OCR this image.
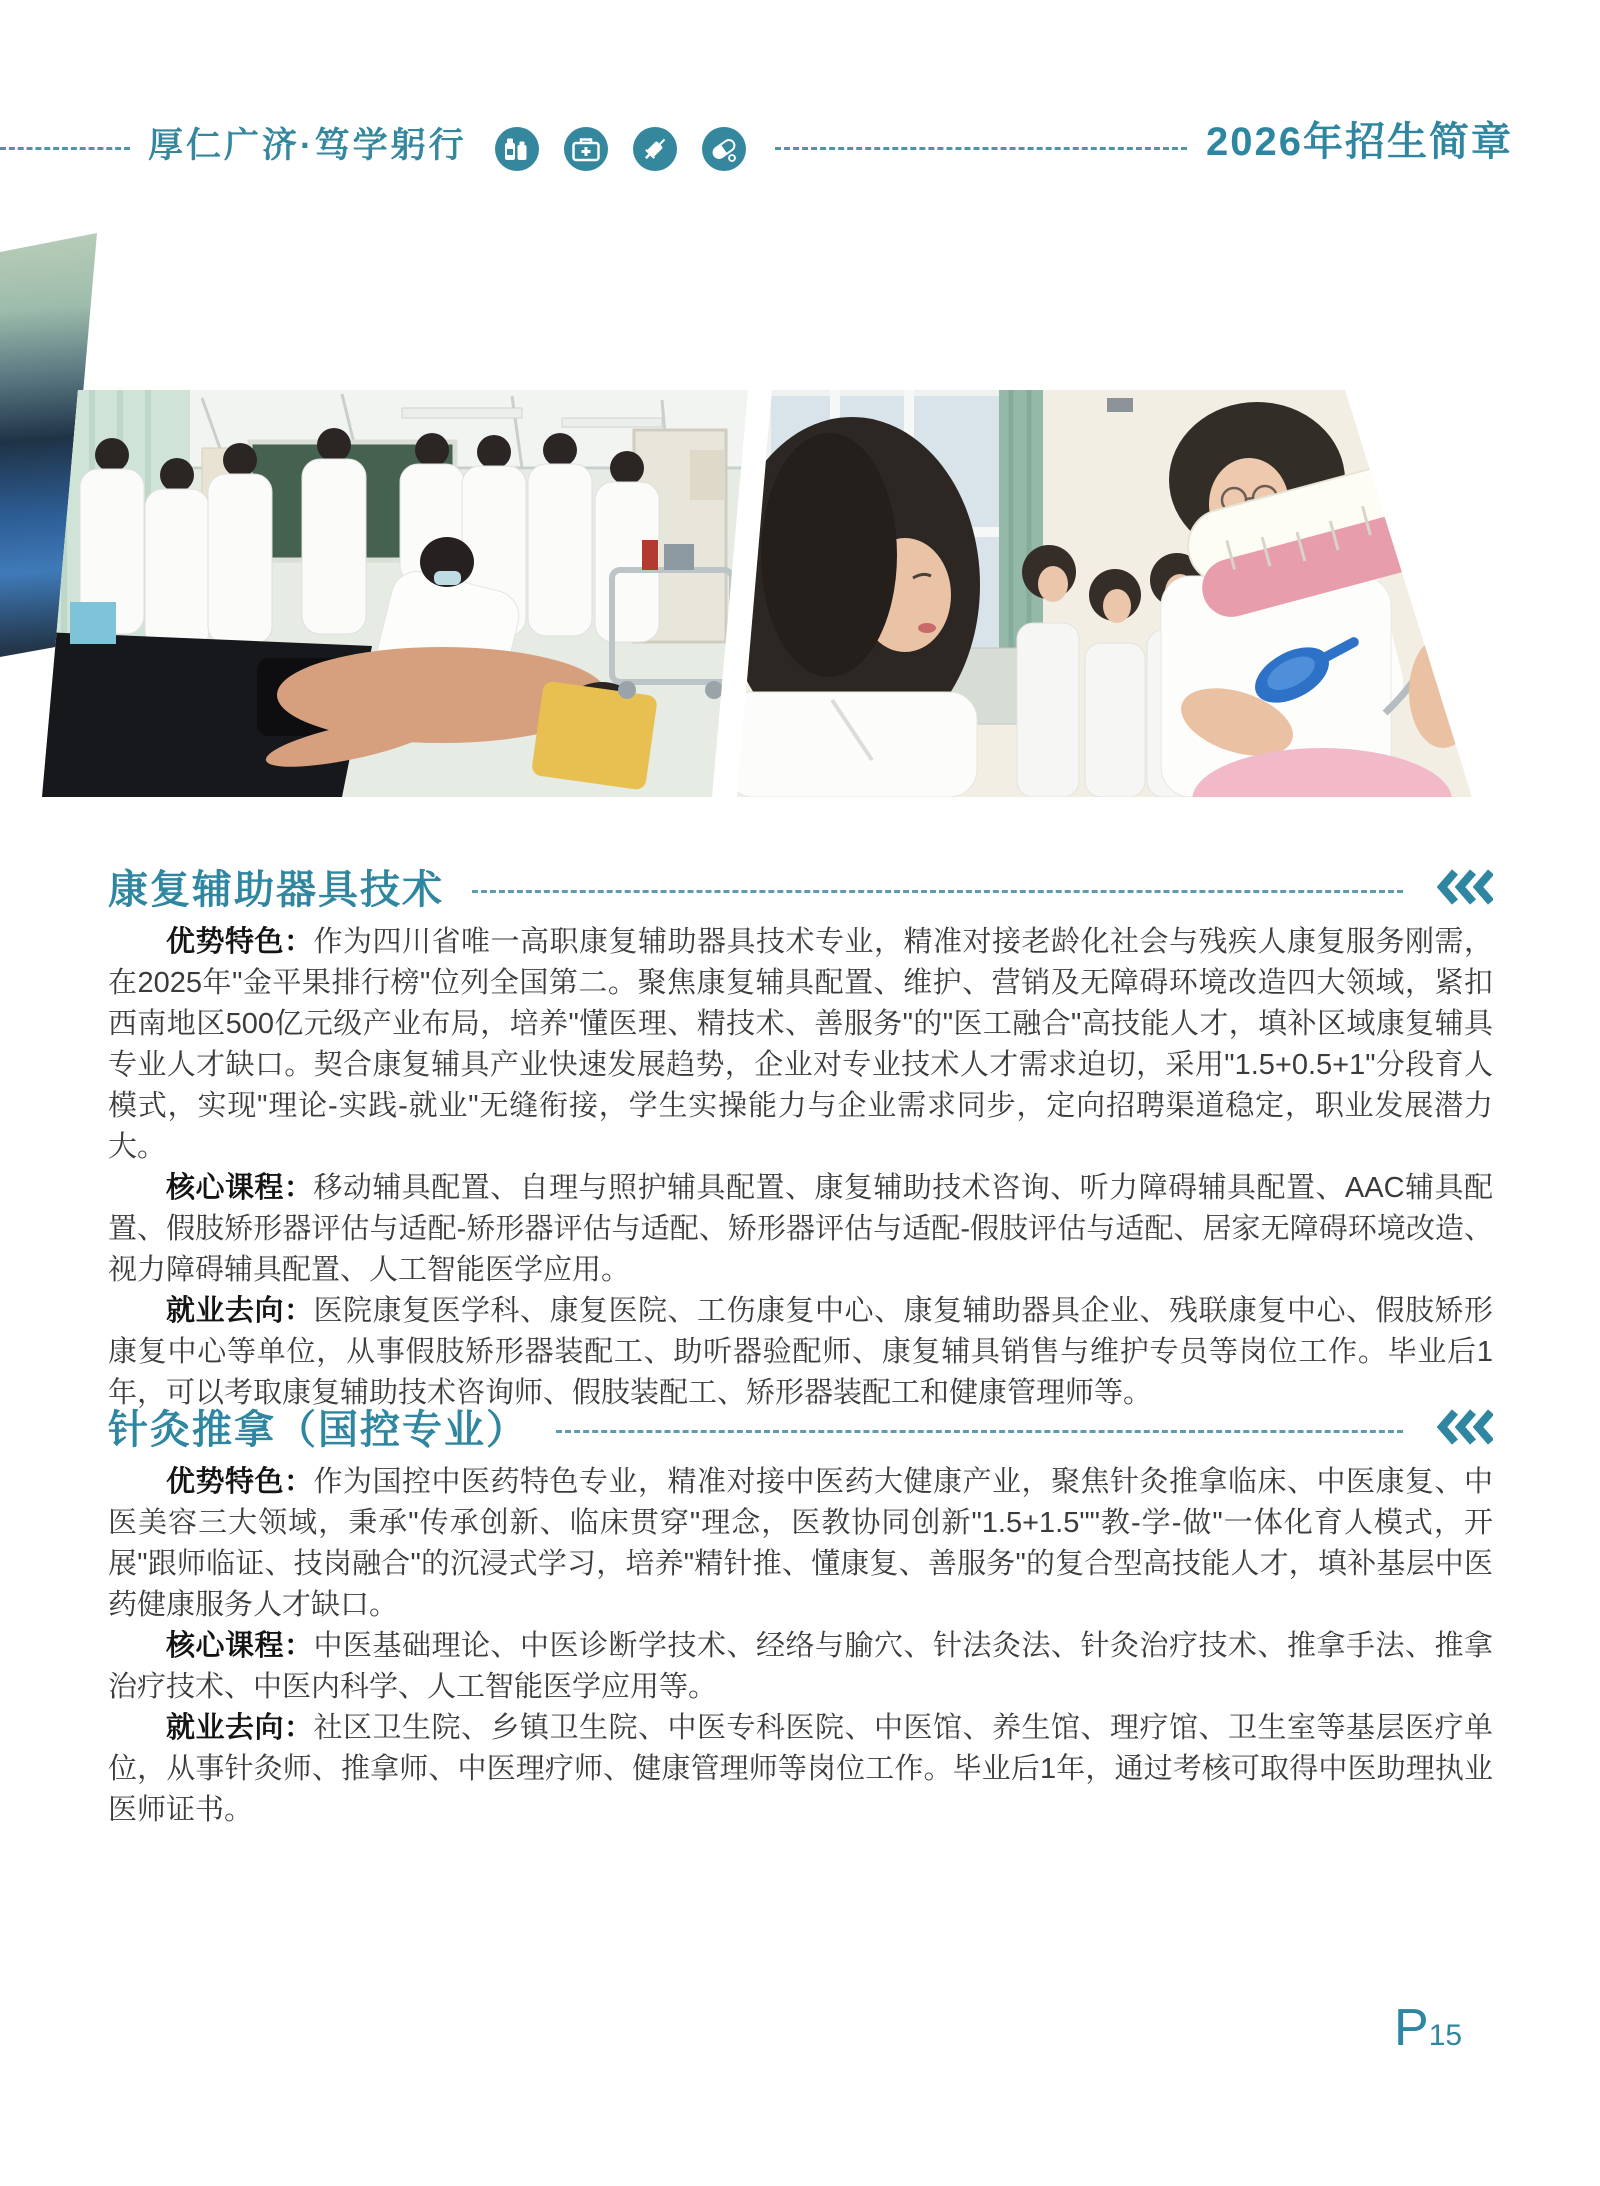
厚仁广济·笃学躬行	2026年招生简章
康复辅助器具技术

优势特色：作为四川省唯一高职康复辅助器具技术专业，精准对接老龄化社会与残疾人康复服务刚需，在2025年"金平果排行榜"位列全国第二。聚焦康复辅具配置、维护、营销及无障碍环境改造四大领域，紧扣西南地区500亿元级产业布局，培养"懂医理、精技术、善服务"的"医工融合"高技能人才，填补区域康复辅具专业人才缺口。契合康复辅具产业快速发展趋势，企业对专业技术人才需求迫切，采用"1.5+0.5+1"分段育人模式，实现"理论-实践-就业"无缝衔接，学生实操能力与企业需求同步，定向招聘渠道稳定，职业发展潜力大。

核心课程：移动辅具配置、自理与照护辅具配置、康复辅助技术咨询、听力障碍辅具配置、AAC辅具配置、假肢矫形器评估与适配-矫形器评估与适配、矫形器评估与适配-假肢评估与适配、居家无障碍环境改造、视力障碍辅具配置、人工智能医学应用。

就业去向：医院康复医学科、康复医院、工伤康复中心、康复辅助器具企业、残联康复中心、假肢矫形康复中心等单位，从事假肢矫形器装配工、助听器验配师、康复辅具销售与维护专员等岗位工作。毕业后1年，可以考取康复辅助技术咨询师、假肢装配工、矫形器装配工和健康管理师等。

针灸推拿（国控专业）

优势特色：作为国控中医药特色专业，精准对接中医药大健康产业，聚焦针灸推拿临床、中医康复、中医美容三大领域，秉承"传承创新、临床贯穿"理念，医教协同创新"1.5+1.5""教-学-做"一体化育人模式，开展"跟师临证、技岗融合"的沉浸式学习，培养"精针推、懂康复、善服务"的复合型高技能人才，填补基层中医药健康服务人才缺口。

核心课程：中医基础理论、中医诊断学技术、经络与腧穴、针法灸法、针灸治疗技术、推拿手法、推拿治疗技术、中医内科学、人工智能医学应用等。

就业去向：社区卫生院、乡镇卫生院、中医专科医院、中医馆、养生馆、理疗馆、卫生室等基层医疗单位，从事针灸师、推拿师、中医理疗师、健康管理师等岗位工作。毕业后1年，通过考核可取得中医助理执业医师证书。

P15
